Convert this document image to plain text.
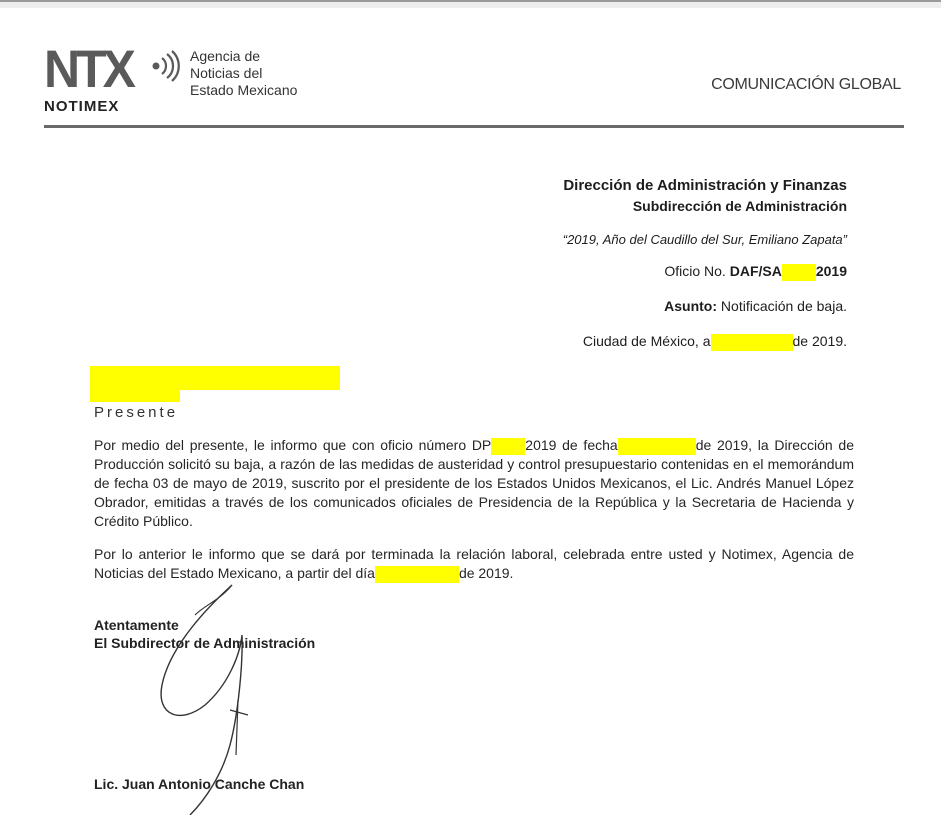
NTX
NOTIMEX
Agencia de
Noticias del
Estado Mexicano	COMUNICACIÓN GLOBAL
Dirección de Administración y Finanzas
Subdirección de Administración
“2019, Año del Caudillo del Sur, Emiliano Zapata”
Oficio No. DAF/SA 2019
Asunto: Notificación de baja.
Ciudad de México, a	de 2019.
Presente
Por medio del presente, le informo que con oficio número DP 2019 de fecha	de 2019, la Dirección de Producción solicitó su baja, a razón de las medidas de austeridad y control presupuestario contenidas en el memorándum de fecha 03 de mayo de 2019, suscrito por el presidente de los Estados Unidos Mexicanos, el Lic. Andrés Manuel López Obrador, emitidas a través de los comunicados oficiales de Presidencia de la República y la Secretaria de Hacienda y Crédito Público.
Por lo anterior le informo que se dará por terminada la relación laboral, celebrada entre usted y Notimex, Agencia de Noticias del Estado Mexicano, a partir del día	de 2019.
Atentamente
El Subdirector de Administración
Lic. Juan Antonio Canche Chan
